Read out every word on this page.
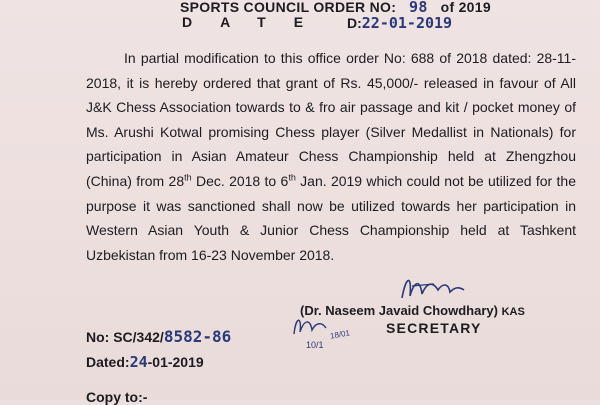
SPORTS COUNCIL ORDER NO: 98 of 2019
DATE D:22-01-2019

In partial modification to this office order No: 688 of 2018 dated: 28-11-2018, it is hereby ordered that grant of Rs. 45,000/- released in favour of All J&K Chess Association towards to & fro air passage and kit / pocket money of Ms. Arushi Kotwal promising Chess player (Silver Medallist in Nationals) for participation in Asian Amateur Chess Championship held at Zhengzhou (China) from 28th Dec. 2018 to 6th Jan. 2019 which could not be utilized for the purpose it was sanctioned shall now be utilized towards her participation in Western Asian Youth & Junior Chess Championship held at Tashkent Uzbekistan from 16-23 November 2018.

(Dr. Naseem Javaid Chowdhary) KAS
SECRETARY
18/01
10/1
No: SC/342/8582-86
Dated:24-01-2019
Copy to:-
